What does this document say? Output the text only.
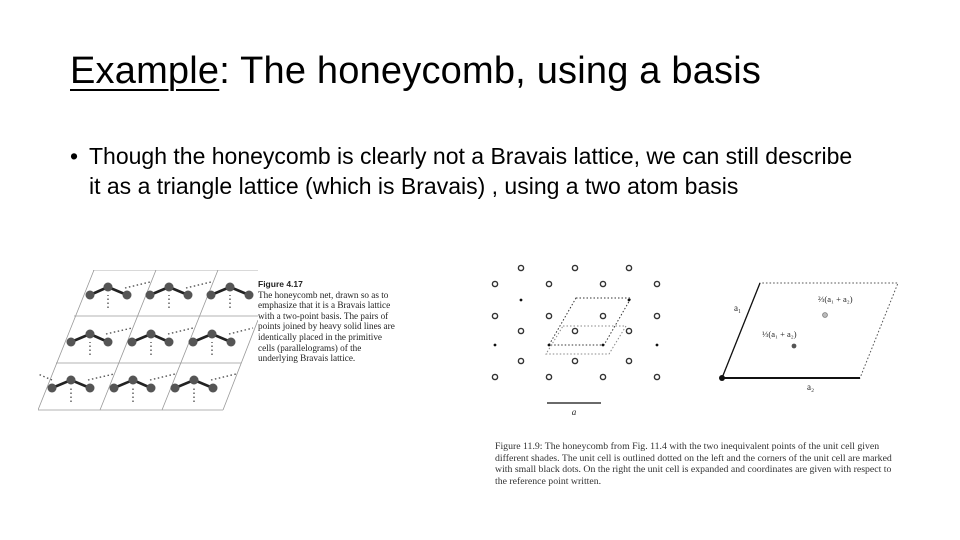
Example: The honeycomb, using a basis
• Though the honeycomb is clearly not a Bravais lattice, we can still describe it as a triangle lattice (which is Bravais) , using a two atom basis
Figure 4.17
The honeycomb net, drawn so as to emphasize that it is a Bravais lattice with a two-point basis. The pairs of points joined by heavy solid lines are identically placed in the primitive cells (parallelograms) of the underlying Bravais lattice.
a
a₁
a₂
⅔(a₁ + a₂)
⅓(a₁ + a₂)
Figure 11.9: The honeycomb from Fig. 11.4 with the two inequivalent points of the unit cell given different shades. The unit cell is outlined dotted on the left and the corners of the unit cell are marked with small black dots. On the right the unit cell is expanded and coordinates are given with respect to the reference point written.
